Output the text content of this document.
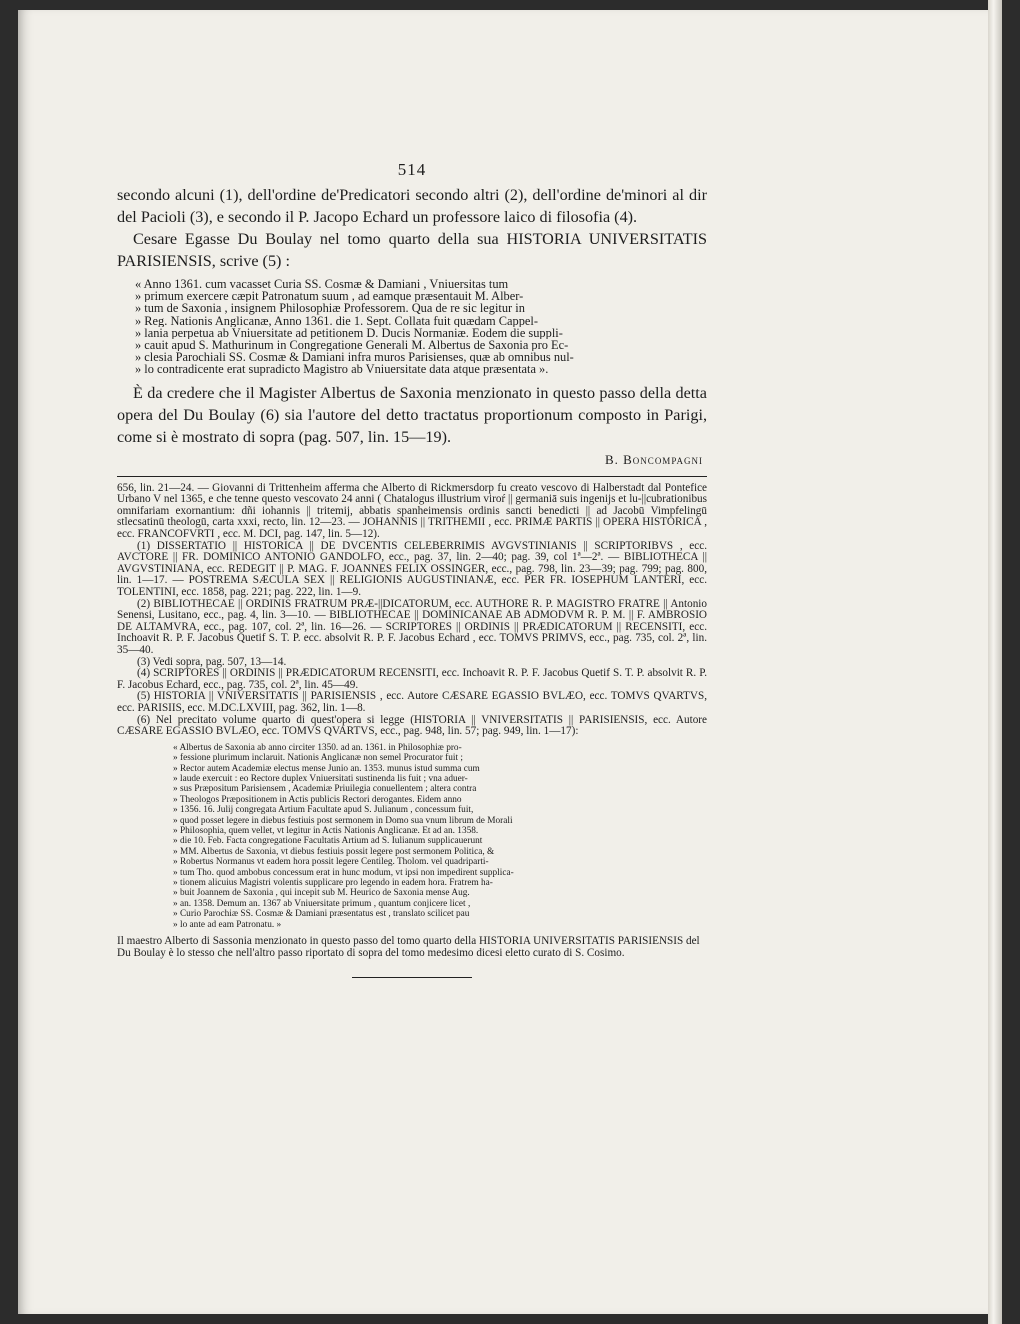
514

secondo alcuni (1), dell'ordine de'Predicatori secondo altri (2), dell'ordine de'minori al dir del Pacioli (3), e secondo il P. Jacopo Echard un professore laico di filosofia (4).

Cesare Egasse Du Boulay nel tomo quarto della sua HISTORIA UNIVERSITATIS PARISIENSIS, scrive (5) :

« Anno 1361. cum vacasset Curia SS. Cosmæ & Damiani , Vniuersitas tum
» primum exercere cæpit Patronatum suum , ad eamque præsentauit M. Alber-
» tum de Saxonia , insignem Philosophiæ Professorem. Qua de re sic legitur in
» Reg. Nationis Anglicanæ, Anno 1361. die 1. Sept. Collata fuit quædam Cappel-
» lania perpetua ab Vniuersitate ad petitionem D. Ducis Normaniæ. Eodem die suppli-
» cauit apud S. Mathurinum in Congregatione Generali M. Albertus de Saxonia pro Ec-
» clesia Parochiali SS. Cosmæ & Damiani infra muros Parisienses, quæ ab omnibus nul-
» lo contradicente erat supradicto Magistro ab Vniuersitate data atque præsentata ».

È da credere che il Magister Albertus de Saxonia menzionato in questo passo della detta opera del Du Boulay (6) sia l'autore del detto tractatus proportionum composto in Parigi, come si è mostrato di sopra (pag. 507, lin. 15—19).

B. Boncompagni

656, lin. 21—24. — Giovanni di Trittenheim afferma che Alberto di Rickmersdorp fu creato vescovo di Halberstadt dal Pontefice Urbano V nel 1365, e che tenne questo vescovato 24 anni ( Chatalogus illustrium viroŕ || germaniā suis ingenijs et lu-||cubrationibus omnifariam exornantium: dñi iohannis || tritemij, abbatis spanheimensis ordinis sancti benedicti || ad Jacobū Vimpfelingū stlecsatinū theologū, carta xxxi, recto, lin. 12—23. — JOHANNIS || TRITHEMII , ecc. PRIMÆ PARTIS || OPERA HISTORICA , ecc. FRANCOFVRTI , ecc. M. DCI, pag. 147, lin. 5—12).

(1) DISSERTATIO || HISTORICA || DE DVCENTIS CELEBERRIMIS AVGVSTINIANIS || SCRIPTORIBVS , ecc. AVCTORE || FR. DOMINICO ANTONIO GANDOLFO, ecc., pag. 37, lin. 2—40; pag. 39, col 1ª—2ª. — BIBLIOTHECA || AVGVSTINIANA, ecc. REDEGIT || P. MAG. F. JOANNES FELIX OSSINGER, ecc., pag. 798, lin. 23—39; pag. 799; pag. 800, lin. 1—17. — POSTREMA SÆCULA SEX || RELIGIONIS AUGUSTINIANÆ, ecc. PER FR. IOSEPHUM LANTERI, ecc. TOLENTINI, ecc. 1858, pag. 221; pag. 222, lin. 1—9.

(2) BIBLIOTHECAE || ORDINIS FRATRUM PRÆ-||DICATORUM, ecc. AUTHORE R. P. MAGISTRO FRATRE || Antonio Senensi, Lusitano, ecc., pag. 4, lin. 3—10. — BIBLIOTHECAE || DOMINICANAE AB ADMODVM R. P. M. || F. AMBROSIO DE ALTAMVRA, ecc., pag. 107, col. 2ª, lin. 16—26. — SCRIPTORES || ORDINIS || PRÆDICATORUM || RECENSITI, ecc. Inchoavit R. P. F. Jacobus Quetif S. T. P. ecc. absolvit R. P. F. Jacobus Echard , ecc. TOMVS PRIMVS, ecc., pag. 735, col. 2ª, lin. 35—40.

(3) Vedi sopra, pag. 507, 13—14.

(4) SCRIPTORES || ORDINIS || PRÆDICATORUM RECENSITI, ecc. Inchoavit R. P. F. Jacobus Quetif S. T. P. absolvit R. P. F. Jacobus Echard, ecc., pag. 735, col. 2ª, lin. 45—49.

(5) HISTORIA || VNIVERSITATIS || PARISIENSIS , ecc. Autore CÆSARE EGASSIO BVLÆO, ecc. TOMVS QVARTVS, ecc. PARISIIS, ecc. M.DC.LXVIII, pag. 362, lin. 1—8.

(6) Nel precitato volume quarto di quest'opera si legge (HISTORIA || VNIVERSITATIS || PARISIENSIS, ecc. Autore CÆSARE EGASSIO BVLÆO, ecc. TOMVS QVARTVS, ecc., pag. 948, lin. 57; pag. 949, lin. 1—17):

« Albertus de Saxonia ab anno circiter 1350. ad an. 1361. in Philosophiæ pro-
» fessione plurimum inclaruit. Nationis Anglicanæ non semel Procurator fuit ;
» Rector autem Academiæ electus mense Junio an. 1353. munus istud summa cum
» laude exercuit : eo Rectore duplex Vniuersitati sustinenda lis fuit ; vna aduer-
» sus Præpositum Parisiensem , Academiæ Priuilegia conuellentem ; altera contra
» Theologos Præpositionem in Actis publicis Rectori derogantes. Eidem anno
» 1356. 16. Julij congregata Artium Facultate apud S. Julianum , concessum fuit,
» quod posset legere in diebus festiuis post sermonem in Domo sua vnum librum de Morali
» Philosophia, quem vellet, vt legitur in Actis Nationis Anglicanæ. Et ad an. 1358.
» die 10. Feb. Facta congregatione Facultatis Artium ad S. Iulianum supplicauerunt
» MM. Albertus de Saxonia, vt diebus festiuis possit legere post sermonem Politica, &
» Robertus Normanus vt eadem hora possit legere Centileg. Tholom. vel quadriparti-
» tum Tho. quod ambobus concessum erat in hunc modum, vt ipsi non impedirent supplica-
» tionem alicuius Magistri volentis supplicare pro legendo in eadem hora. Fratrem ha-
» buit Joannem de Saxonia , qui incepit sub M. Heurico de Saxonia mense Aug.
» an. 1358. Demum an. 1367 ab Vniuersitate primum , quantum conjicere licet ,
» Curio Parochiæ SS. Cosmæ & Damiani præsentatus est , translato scilicet pau
» lo ante ad eam Patronatu. »

Il maestro Alberto di Sassonia menzionato in questo passo del tomo quarto della HISTORIA UNIVERSITATIS PARISIENSIS del Du Boulay è lo stesso che nell'altro passo riportato di sopra del tomo medesimo dicesi eletto curato di S. Cosimo.
